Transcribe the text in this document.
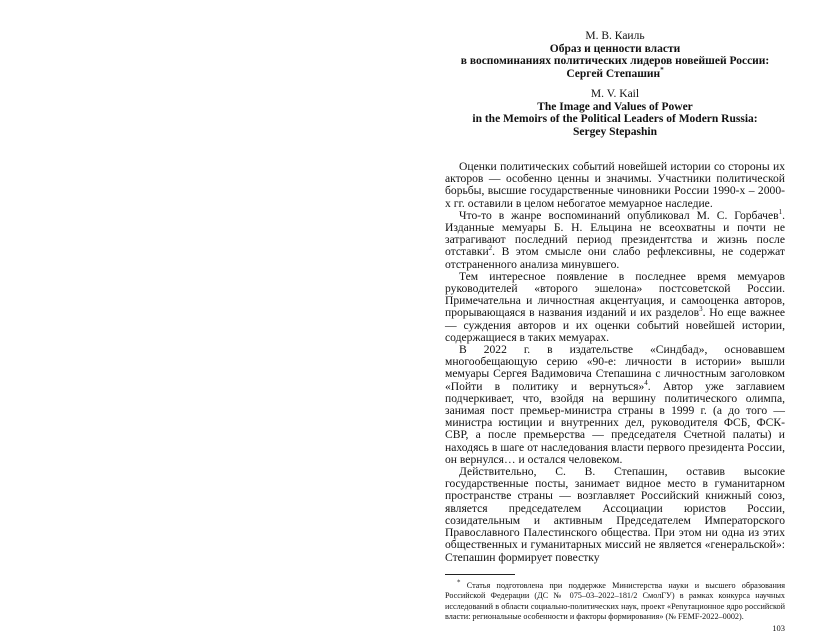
М. В. Каиль
Образ и ценности власти
в воспоминаниях политических лидеров новейшей России:
Сергей Степашин*
M. V. Kail
The Image and Values of Power
in the Memoirs of the Political Leaders of Modern Russia:
Sergey Stepashin

Оценки политических событий новейшей истории со стороны их акторов — особенно ценны и значимы. Участники политической борьбы, высшие государственные чиновники России 1990-х – 2000-х гг. оставили в целом небогатое мемуарное наследие.

Что-то в жанре воспоминаний опубликовал М. С. Горбачев$^1$. Изданные мемуары Б. Н. Ельцина не всеохватны и почти не затрагивают последний период президентства и жизнь после отставки$^2$. В этом смысле они слабо рефлексивны, не содержат отстраненного анализа минувшего.

Тем интересное появление в последнее время мемуаров руководителей «второго эшелона» постсоветской России. Примечательна и личностная акцентуация, и самооценка авторов, прорывающаяся в названия изданий и их разделов$^3$. Но еще важнее — суждения авторов и их оценки событий новейшей истории, содержащиеся в таких мемуарах.

В 2022 г. в издательстве «Синдбад», основавшем многообещающую серию «90-е: личности в истории» вышли мемуары Сергея Вадимовича Степашина с личностным заголовком «Пойти в политику и вернуться»$^4$. Автор уже заглавием подчеркивает, что, взойдя на вершину политического олимпа, занимая пост премьер-министра страны в 1999 г. (а до того — министра юстиции и внутренних дел, руководителя ФСБ, ФСК-СВР, а после премьерства — председателя Счетной палаты) и находясь в шаге от наследования власти первого президента России, он вернулся… и остался человеком.

Действительно, С. В. Степашин, оставив высокие государственные посты, занимает видное место в гуманитарном пространстве страны — возглавляет Российский книжный союз, является председателем Ассоциации юристов России, созидательным и активным Председателем Императорского Православного Палестинского общества. При этом ни одна из этих общественных и гуманитарных миссий не является «генеральской»: Степашин формирует повестку

* Статья подготовлена при поддержке Министерства науки и высшего образования Российской Федерации (ДС № 075–03–2022–181/2 СмолГУ) в рамках конкурса научных исследований в области социально-политических наук, проект «Репутационное ядро российской власти: региональные особенности и факторы формирования» (№ FEMF-2022–0002).
103
